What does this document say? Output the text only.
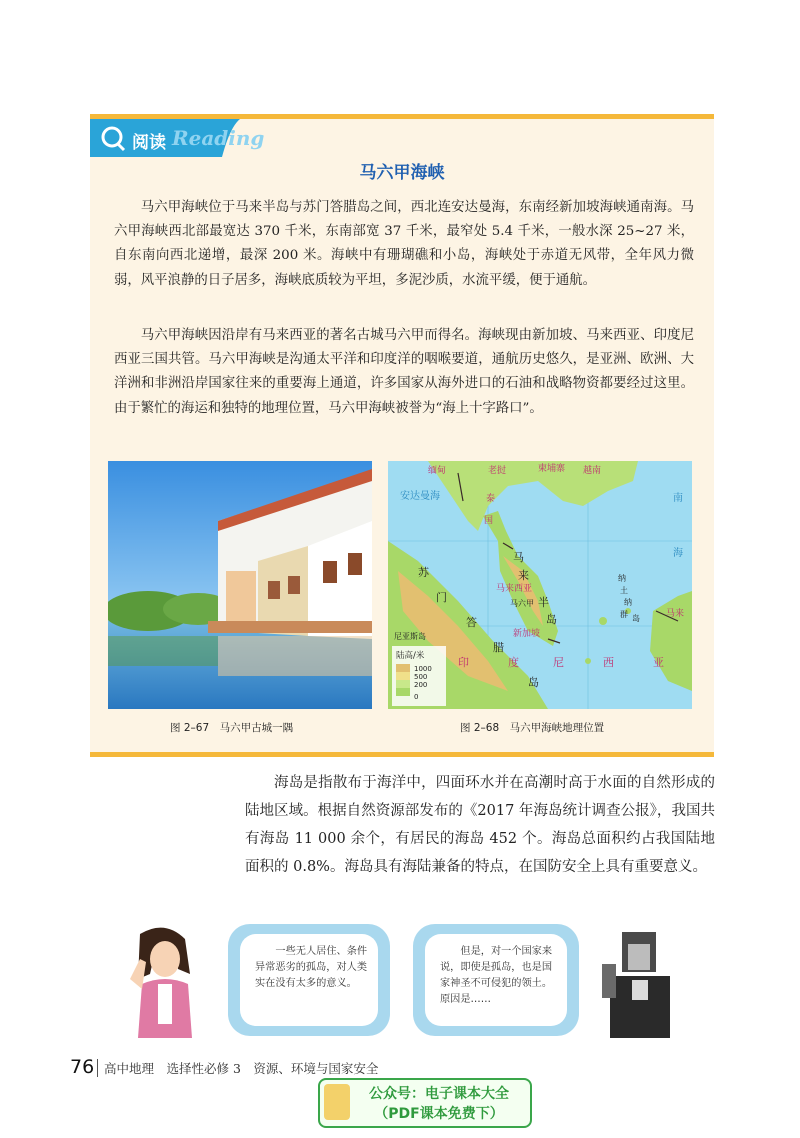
阅读 Reading
马六甲海峡

马六甲海峡位于马来半岛与苏门答腊岛之间，西北连安达曼海，东南经新加坡海峡通南海。马六甲海峡西北部最宽达 370 千米，东南部宽 37 千米，最窄处 5.4 千米，一般水深 25~27 米，自东南向西北递增，最深 200 米。海峡中有珊瑚礁和小岛，海峡处于赤道无风带，全年风力微弱，风平浪静的日子居多，海峡底质较为平坦，多泥沙质，水流平缓，便于通航。

马六甲海峡因沿岸有马来西亚的著名古城马六甲而得名。海峡现由新加坡、马来西亚、印度尼西亚三国共管。马六甲海峡是沟通太平洋和印度洋的咽喉要道，通航历史悠久，是亚洲、欧洲、大洋洲和非洲沿岸国家往来的重要海上通道，许多国家从海外进口的石油和战略物资都要经过这里。由于繁忙的海运和独特的地理位置，马六甲海峡被誉为“海上十字路口”。

缅甸	老挝	柬埔寨 越南
泰
国
马来西亚
新加坡
马来
印	度	尼	西	亚
安达曼海	南
海
马
来
半
岛
苏
门
答
腊
岛
马六甲
纳
土
纳
群 岛
尼亚斯岛
陆高/米
1000
500
200
0
图 2–67　马六甲古城一隅	图 2–68　马六甲海峡地理位置

海岛是指散布于海洋中，四面环水并在高潮时高于水面的自然形成的陆地区域。根据自然资源部发布的《2017 年海岛统计调查公报》，我国共有海岛 11 000 余个，有居民的海岛 452 个。海岛总面积约占我国陆地面积的 0.8%。海岛具有海陆兼备的特点，在国防安全上具有重要意义。

一些无人居住、条件异常恶劣的孤岛，对人类实在没有太多的意义。

但是，对一个国家来说，即使是孤岛，也是国家神圣不可侵犯的领土。原因是……

76 高中地理　选择性必修 3　资源、环境与国家安全
公众号：电子课本大全
（PDF课本免费下）
